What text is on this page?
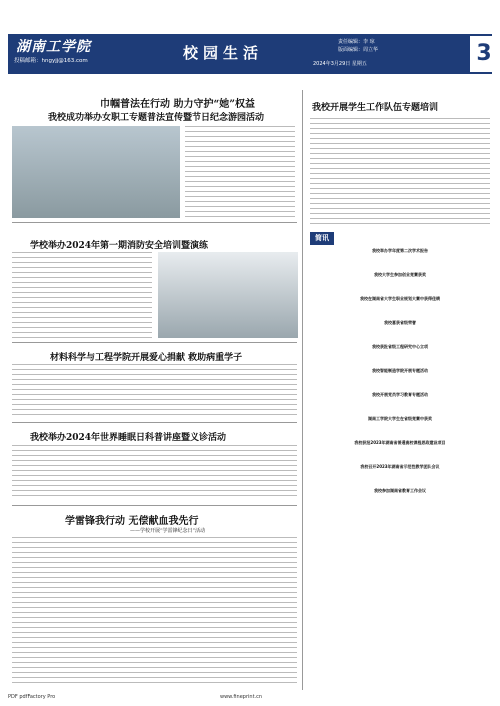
湖南工学院
投稿邮箱：hngyjj@163.com	校园生活
责任编辑：李 琼
版面编辑：周立华
2024年3月29日 星期五	3
巾帼普法在行动 助力守护“她”权益
我校成功举办女职工专题普法宣传暨节日纪念游园活动
学校举办2024年第一期消防安全培训暨演练
材料科学与工程学院开展爱心捐献 救助病重学子
我校举办2024年世界睡眠日科普讲座暨义诊活动
学雷锋我行动 无偿献血我先行
——学校开展“学雷锋纪念日”活动
我校开展学生工作队伍专题培训
简讯
我校举办学年度第二次学术报告
我校大学生参加创业竞赛获奖
我校在湖南省大学生职业规划大赛中获得佳绩
我校喜获省级荣誉
我校获批省级工程研究中心立项
我校智能制造学院开展专题活动
我校开展党员学习教育专题活动
湖南工学院大学生在省级竞赛中获奖
我校获批2023年湖南省普通高校课程思政建设项目
我校召开2023年湖南省示范性教学团队会议
我校参加湖南省教育工作会议
PDF pdfFactory Pro	www.fineprint.cn
